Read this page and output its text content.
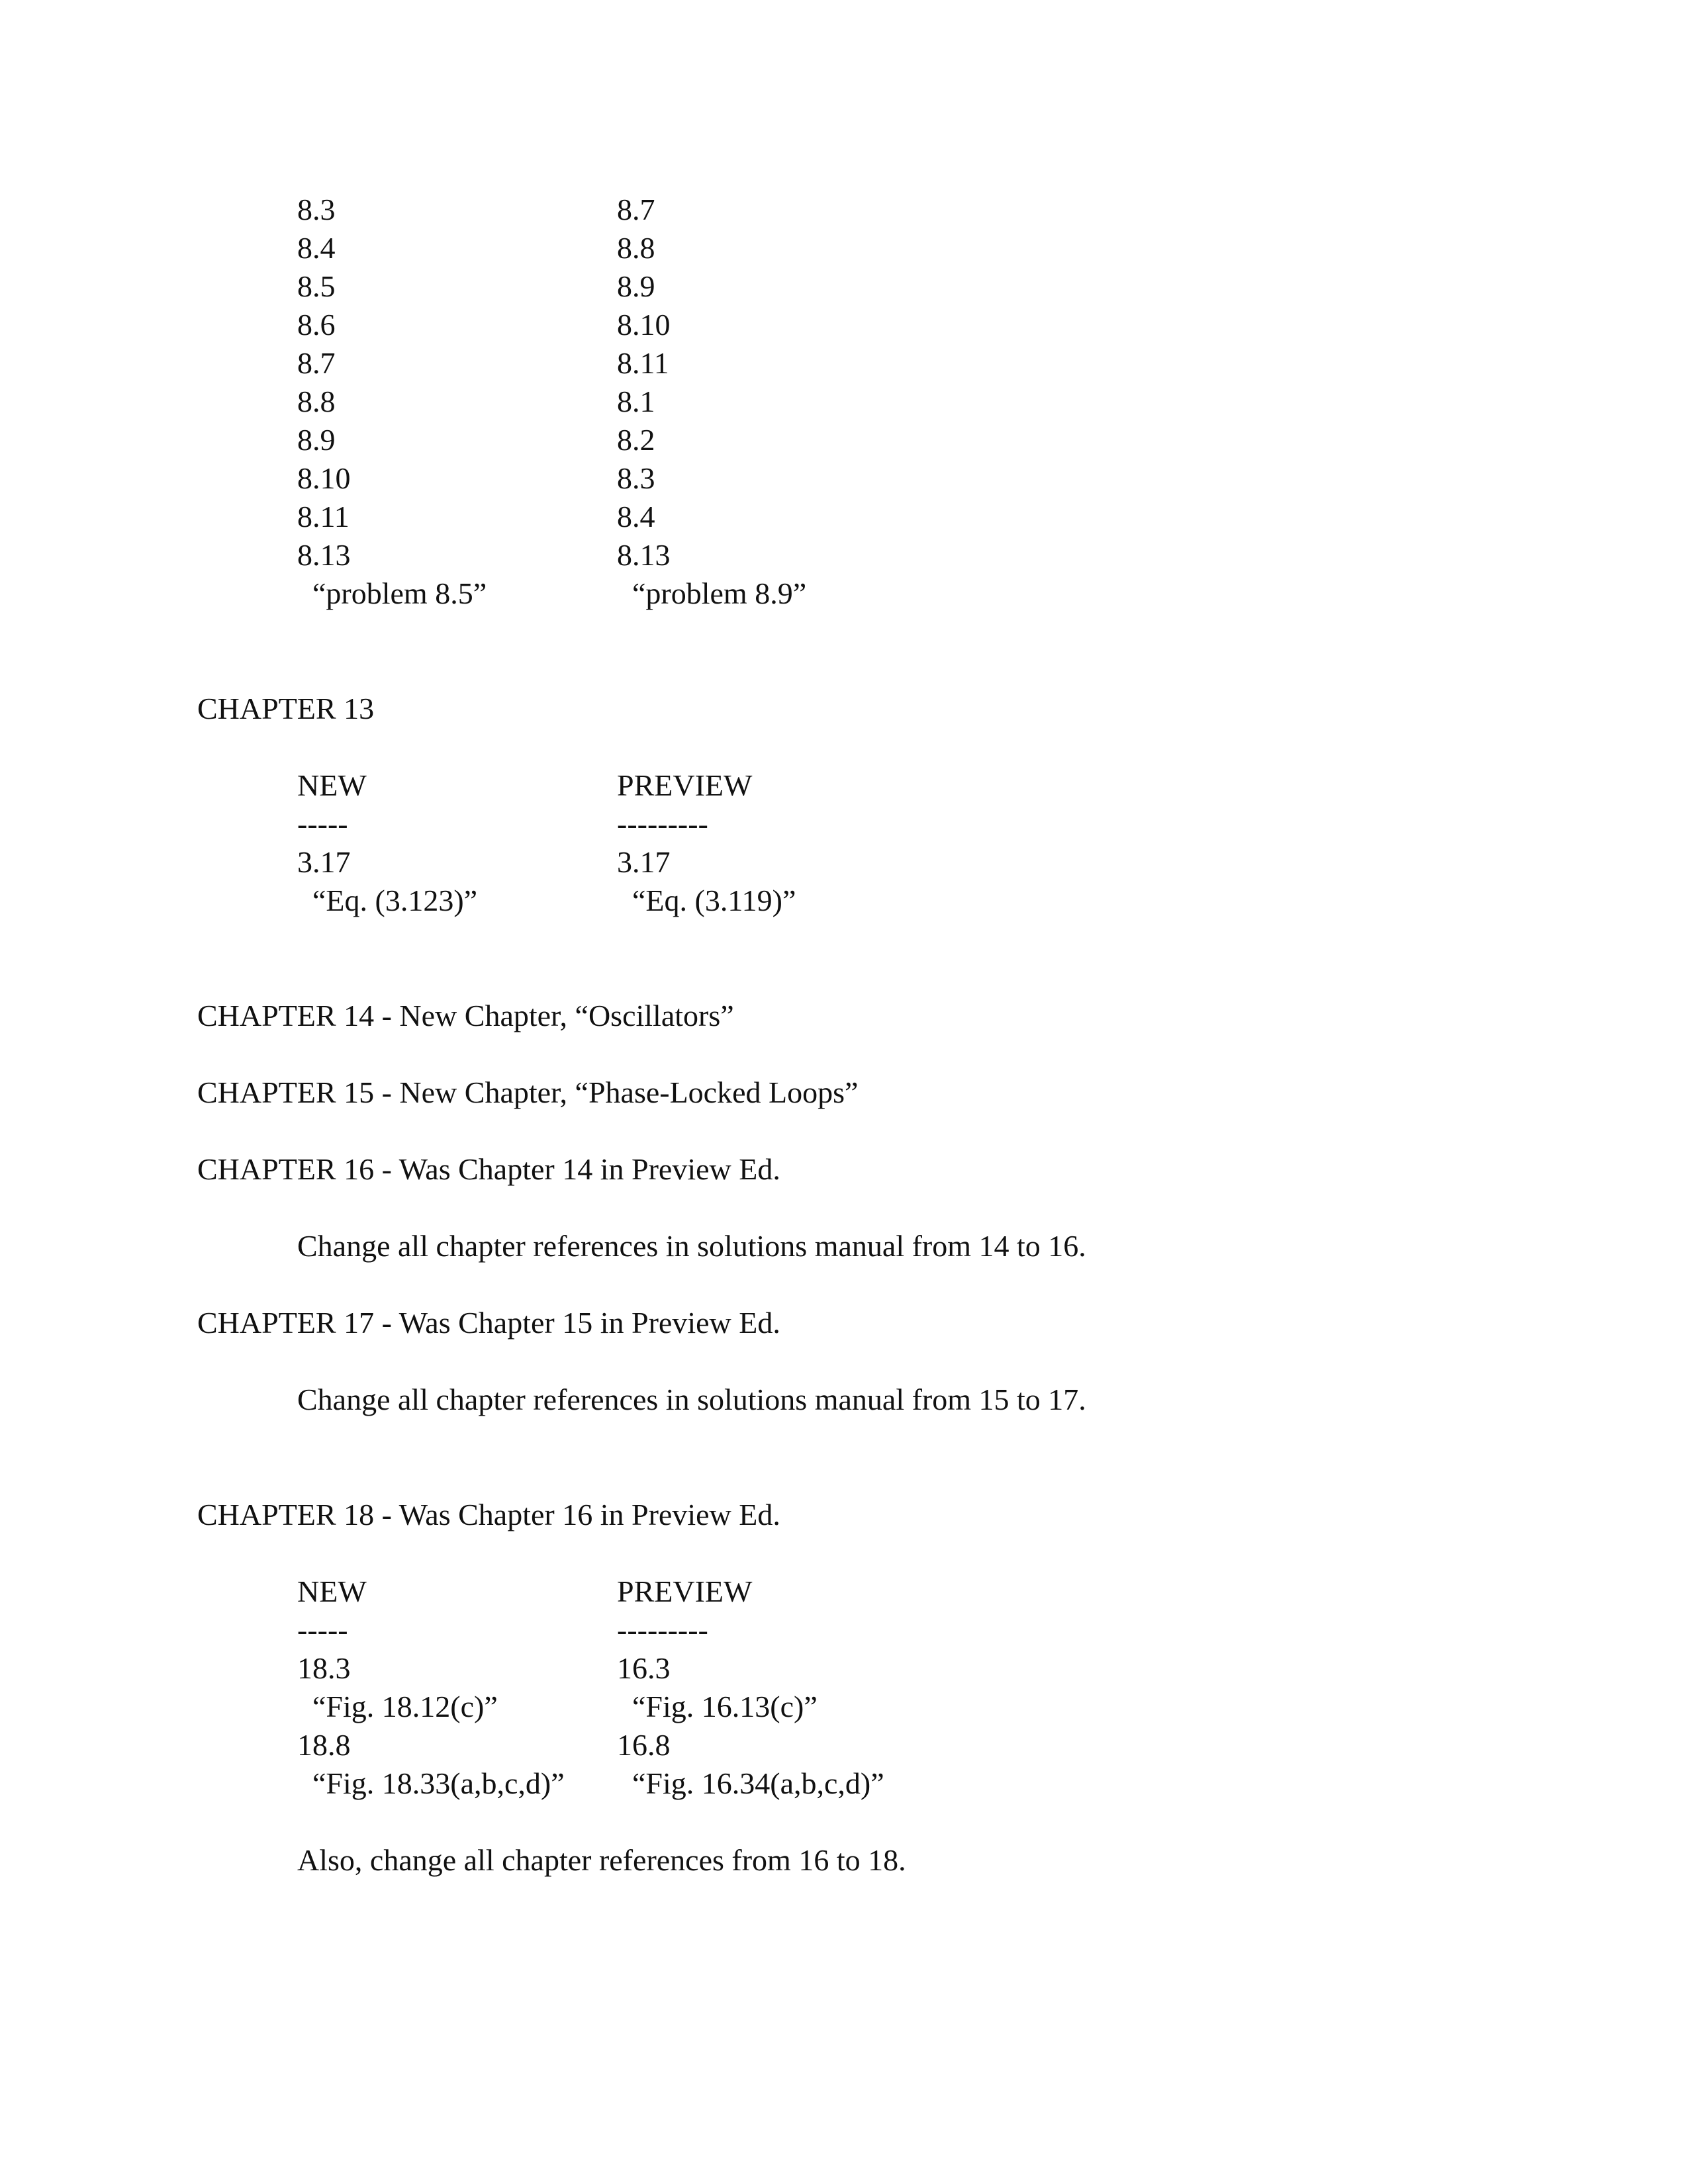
8.3	8.7
8.4	8.8
8.5	8.9
8.6	8.10
8.7	8.11
8.8	8.1
8.9	8.2
8.10	8.3
8.11	8.4
8.13	8.13
“problem 8.5”	“problem 8.9”
CHAPTER 13
NEW	PREVIEW
-----	---------
3.17	3.17
“Eq. (3.123)”	“Eq. (3.119)”
CHAPTER 14 - New Chapter, “Oscillators”
CHAPTER 15 - New Chapter, “Phase-Locked Loops”
CHAPTER 16 - Was Chapter 14 in Preview Ed.
Change all chapter references in solutions manual from 14 to 16.
CHAPTER 17 - Was Chapter 15 in Preview Ed.
Change all chapter references in solutions manual from 15 to 17.
CHAPTER 18 - Was Chapter 16 in Preview Ed.
NEW	PREVIEW
-----	---------
18.3	16.3
“Fig. 18.12(c)”	“Fig. 16.13(c)”
18.8	16.8
“Fig. 18.33(a,b,c,d)” “Fig. 16.34(a,b,c,d)”
Also, change all chapter references from 16 to 18.
